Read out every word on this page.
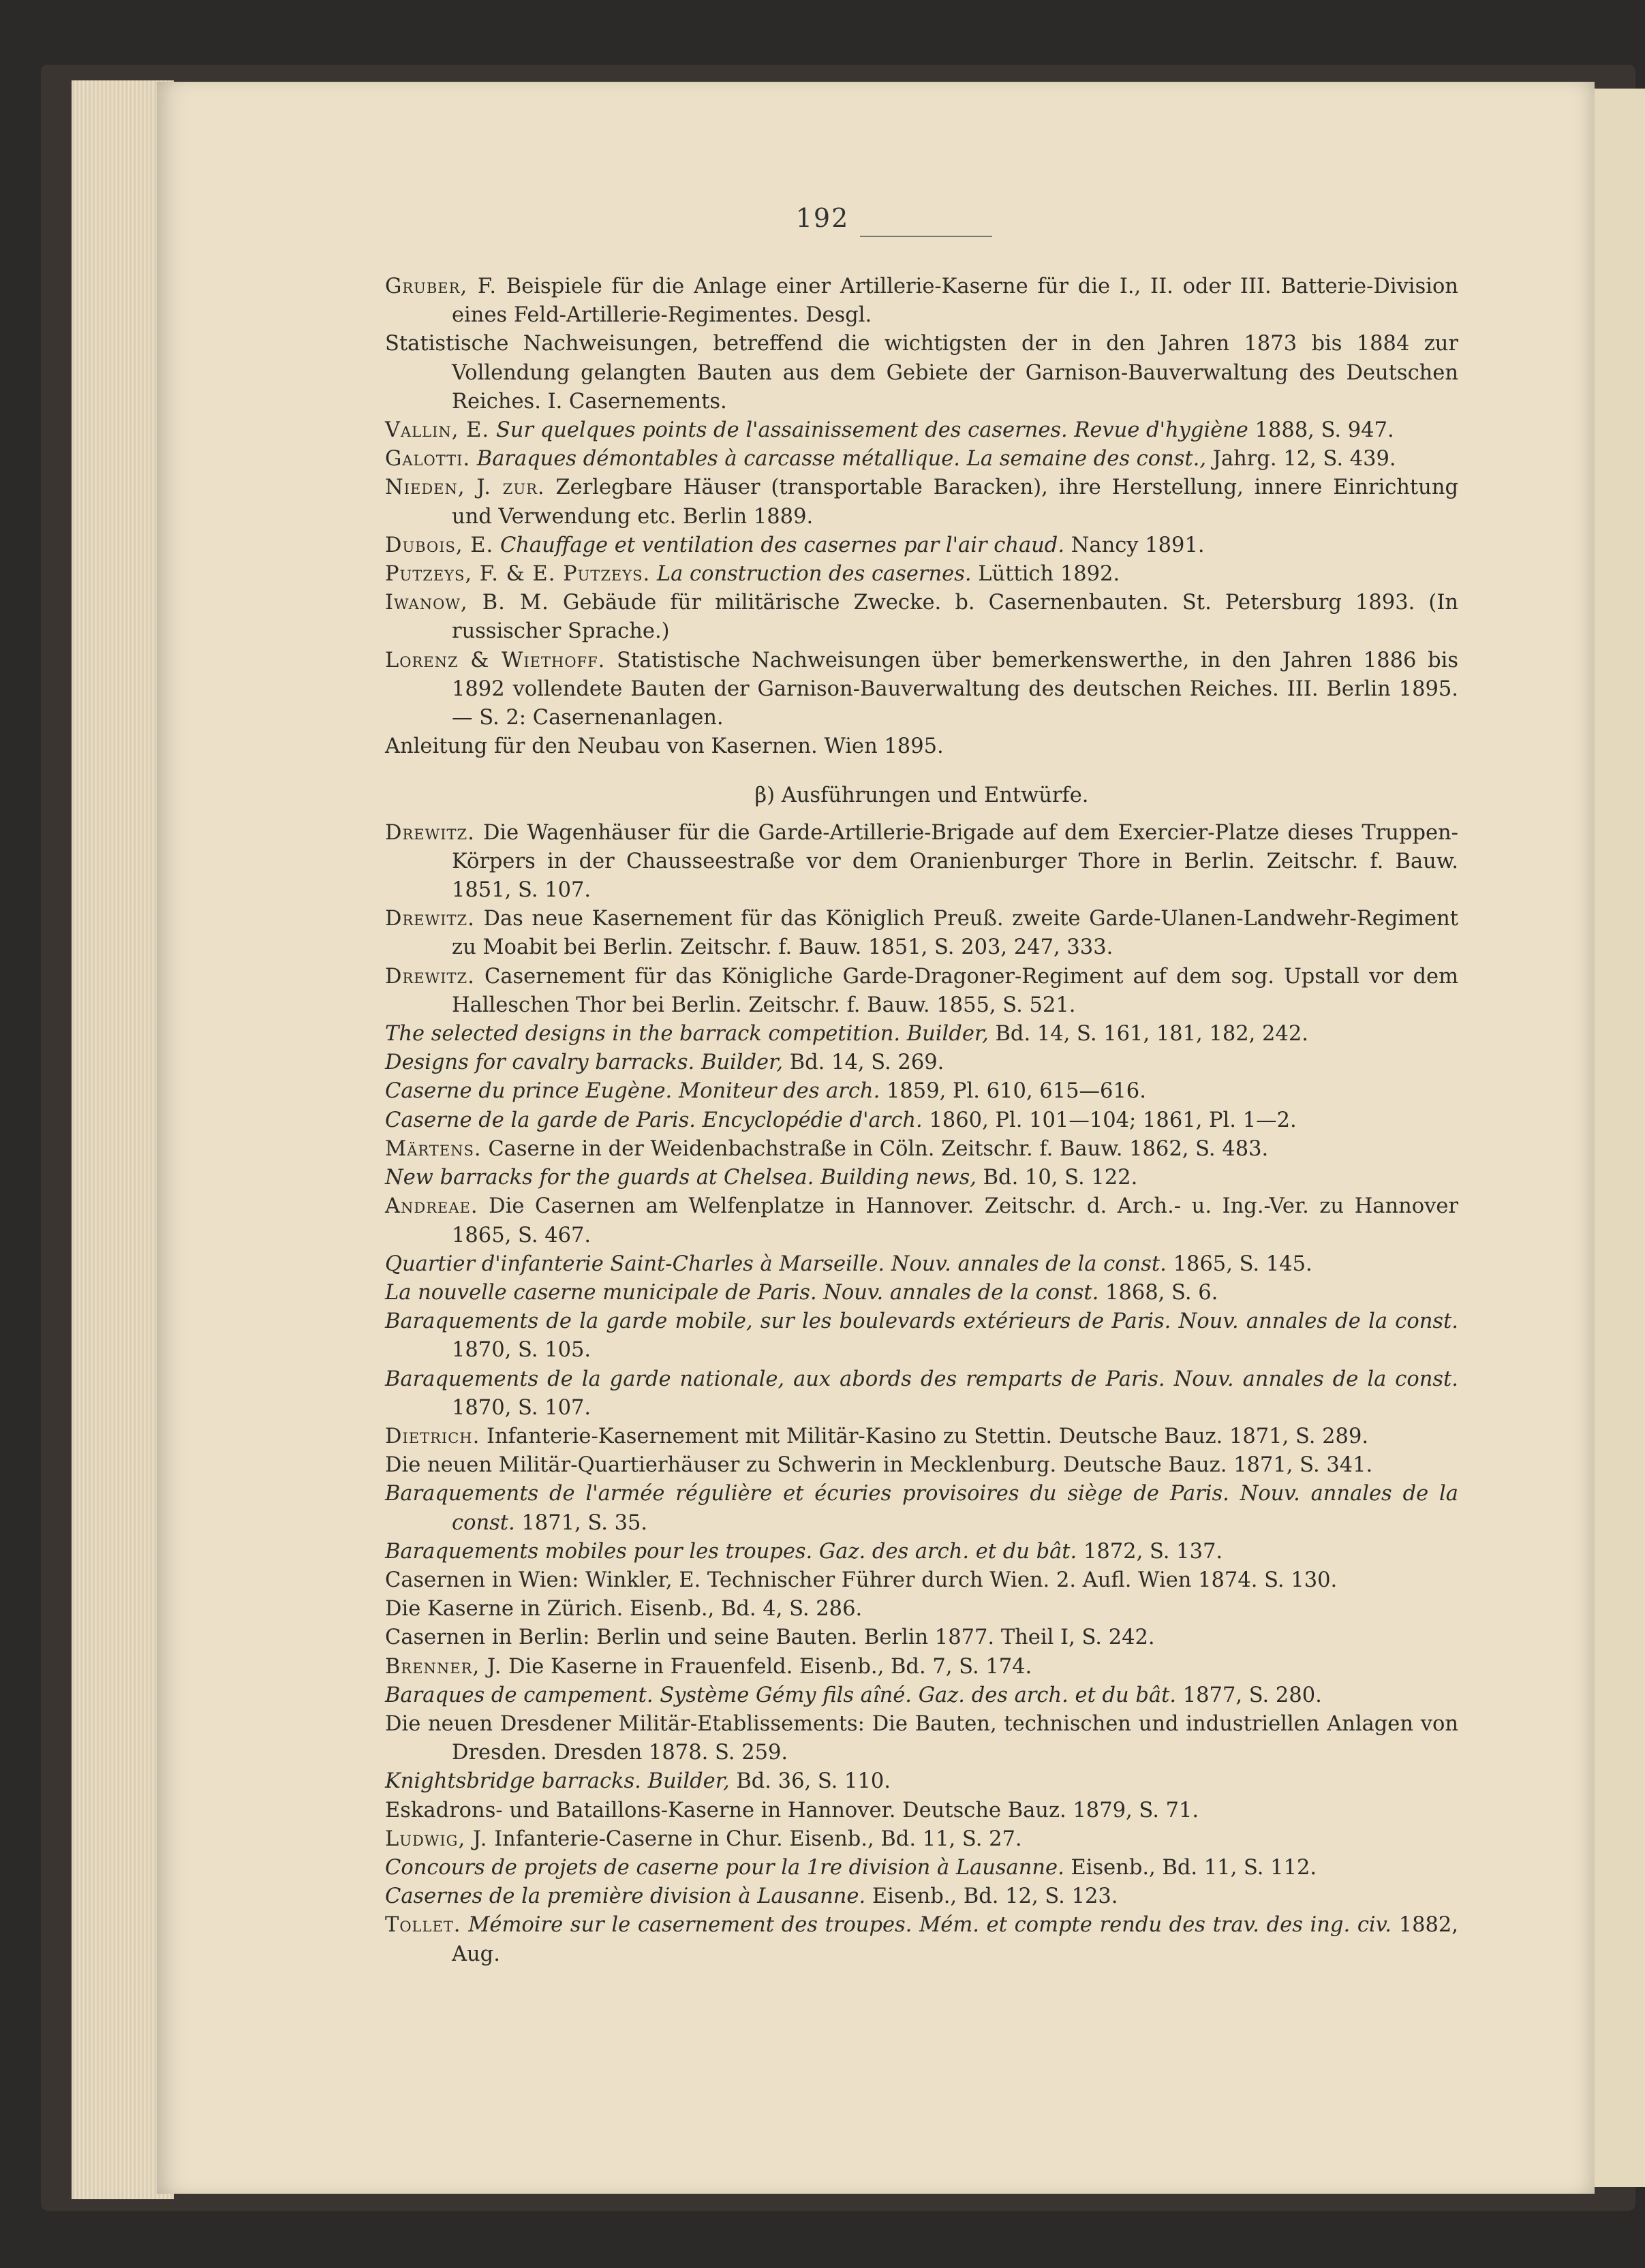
192
Gruber, F. Beispiele für die Anlage einer Artillerie-Kaserne für die I., II. oder III. Batterie-Division eines Feld-Artillerie-Regimentes. Desgl.
Statistische Nachweisungen, betreffend die wichtigsten der in den Jahren 1873 bis 1884 zur Vollendung gelangten Bauten aus dem Gebiete der Garnison-Bauverwaltung des Deutschen Reiches. I. Casernements.
Vallin, E. Sur quelques points de l'assainissement des casernes. Revue d'hygiène 1888, S. 947.
Galotti. Baraques démontables à carcasse métallique. La semaine des const., Jahrg. 12, S. 439.
Nieden, J. zur. Zerlegbare Häuser (transportable Baracken), ihre Herstellung, innere Einrichtung und Verwendung etc. Berlin 1889.
Dubois, E. Chauffage et ventilation des casernes par l'air chaud. Nancy 1891.
Putzeys, F. & E. Putzeys. La construction des casernes. Lüttich 1892.
Iwanow, B. M. Gebäude für militärische Zwecke. b. Casernenbauten. St. Petersburg 1893. (In russischer Sprache.)
Lorenz & Wiethoff. Statistische Nachweisungen über bemerkenswerthe, in den Jahren 1886 bis 1892 vollendete Bauten der Garnison-Bauverwaltung des deutschen Reiches. III. Berlin 1895. — S. 2: Casernenanlagen.
Anleitung für den Neubau von Kasernen. Wien 1895.
β) Ausführungen und Entwürfe.
Drewitz. Die Wagenhäuser für die Garde-Artillerie-Brigade auf dem Exercier-Platze dieses Truppen-Körpers in der Chausseestraße vor dem Oranienburger Thore in Berlin. Zeitschr. f. Bauw. 1851, S. 107.
Drewitz. Das neue Kasernement für das Königlich Preuß. zweite Garde-Ulanen-Landwehr-Regiment zu Moabit bei Berlin. Zeitschr. f. Bauw. 1851, S. 203, 247, 333.
Drewitz. Casernement für das Königliche Garde-Dragoner-Regiment auf dem sog. Upstall vor dem Halleschen Thor bei Berlin. Zeitschr. f. Bauw. 1855, S. 521.
The selected designs in the barrack competition. Builder, Bd. 14, S. 161, 181, 182, 242.
Designs for cavalry barracks. Builder, Bd. 14, S. 269.
Caserne du prince Eugène. Moniteur des arch. 1859, Pl. 610, 615—616.
Caserne de la garde de Paris. Encyclopédie d'arch. 1860, Pl. 101—104; 1861, Pl. 1—2.
Märtens. Caserne in der Weidenbachstraße in Cöln. Zeitschr. f. Bauw. 1862, S. 483.
New barracks for the guards at Chelsea. Building news, Bd. 10, S. 122.
Andreae. Die Casernen am Welfenplatze in Hannover. Zeitschr. d. Arch.- u. Ing.-Ver. zu Hannover 1865, S. 467.
Quartier d'infanterie Saint-Charles à Marseille. Nouv. annales de la const. 1865, S. 145.
La nouvelle caserne municipale de Paris. Nouv. annales de la const. 1868, S. 6.
Baraquements de la garde mobile, sur les boulevards extérieurs de Paris. Nouv. annales de la const. 1870, S. 105.
Baraquements de la garde nationale, aux abords des remparts de Paris. Nouv. annales de la const. 1870, S. 107.
Dietrich. Infanterie-Kasernement mit Militär-Kasino zu Stettin. Deutsche Bauz. 1871, S. 289.
Die neuen Militär-Quartierhäuser zu Schwerin in Mecklenburg. Deutsche Bauz. 1871, S. 341.
Baraquements de l'armée régulière et écuries provisoires du siège de Paris. Nouv. annales de la const. 1871, S. 35.
Baraquements mobiles pour les troupes. Gaz. des arch. et du bât. 1872, S. 137.
Casernen in Wien: Winkler, E. Technischer Führer durch Wien. 2. Aufl. Wien 1874. S. 130.
Die Kaserne in Zürich. Eisenb., Bd. 4, S. 286.
Casernen in Berlin: Berlin und seine Bauten. Berlin 1877. Theil I, S. 242.
Brenner, J. Die Kaserne in Frauenfeld. Eisenb., Bd. 7, S. 174.
Baraques de campement. Système Gémy fils aîné. Gaz. des arch. et du bât. 1877, S. 280.
Die neuen Dresdener Militär-Etablissements: Die Bauten, technischen und industriellen Anlagen von Dresden. Dresden 1878. S. 259.
Knightsbridge barracks. Builder, Bd. 36, S. 110.
Eskadrons- und Bataillons-Kaserne in Hannover. Deutsche Bauz. 1879, S. 71.
Ludwig, J. Infanterie-Caserne in Chur. Eisenb., Bd. 11, S. 27.
Concours de projets de caserne pour la 1re division à Lausanne. Eisenb., Bd. 11, S. 112.
Casernes de la première division à Lausanne. Eisenb., Bd. 12, S. 123.
Tollet. Mémoire sur le casernement des troupes. Mém. et compte rendu des trav. des ing. civ. 1882, Aug.
